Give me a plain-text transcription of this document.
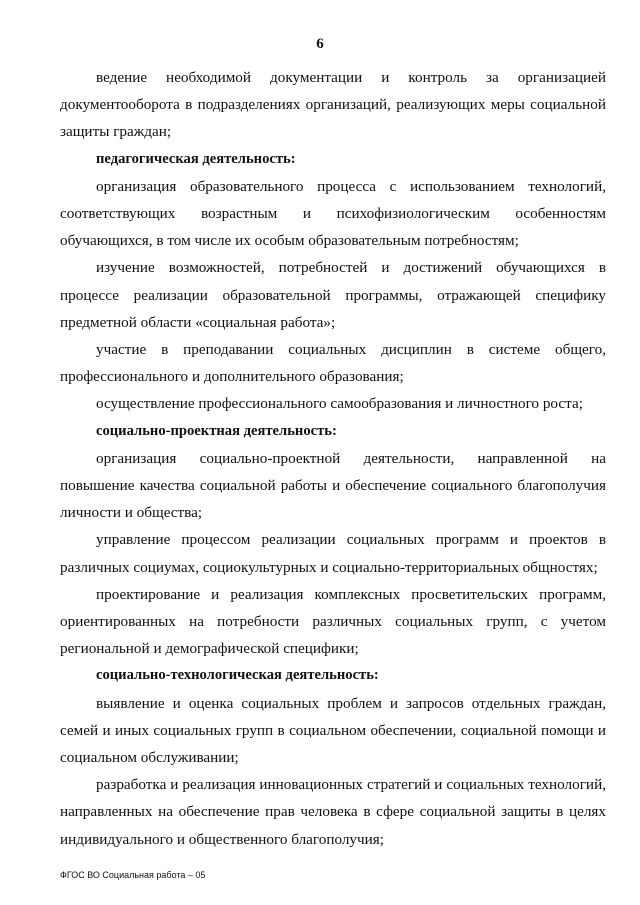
6

ведение необходимой документации и контроль за организацией документооборота в подразделениях организаций, реализующих меры социальной защиты граждан;

педагогическая деятельность:

организация образовательного процесса с использованием технологий, соответствующих возрастным и психофизиологическим особенностям обучающихся, в том числе их особым образовательным потребностям;

изучение возможностей, потребностей и достижений обучающихся в процессе реализации образовательной программы, отражающей специфику предметной области «социальная работа»;

участие в преподавании социальных дисциплин в системе общего, профессионального и дополнительного образования;

осуществление профессионального самообразования и личностного роста;

социально-проектная деятельность:

организация социально-проектной деятельности, направленной на повышение качества социальной работы и обеспечение социального благополучия личности и общества;

управление процессом реализации социальных программ и проектов в различных социумах, социокультурных и социально-территориальных общностях;

проектирование и реализация комплексных просветительских программ, ориентированных на потребности различных социальных групп, с учетом региональной и демографической специфики;

социально-технологическая деятельность:

выявление и оценка социальных проблем и запросов отдельных граждан, семей и иных социальных групп в социальном обеспечении, социальной помощи и социальном обслуживании;

разработка и реализация инновационных стратегий и социальных технологий, направленных на обеспечение прав человека в сфере социальной защиты в целях индивидуального и общественного благополучия;

ФГОС ВО Социальная работа – 05
